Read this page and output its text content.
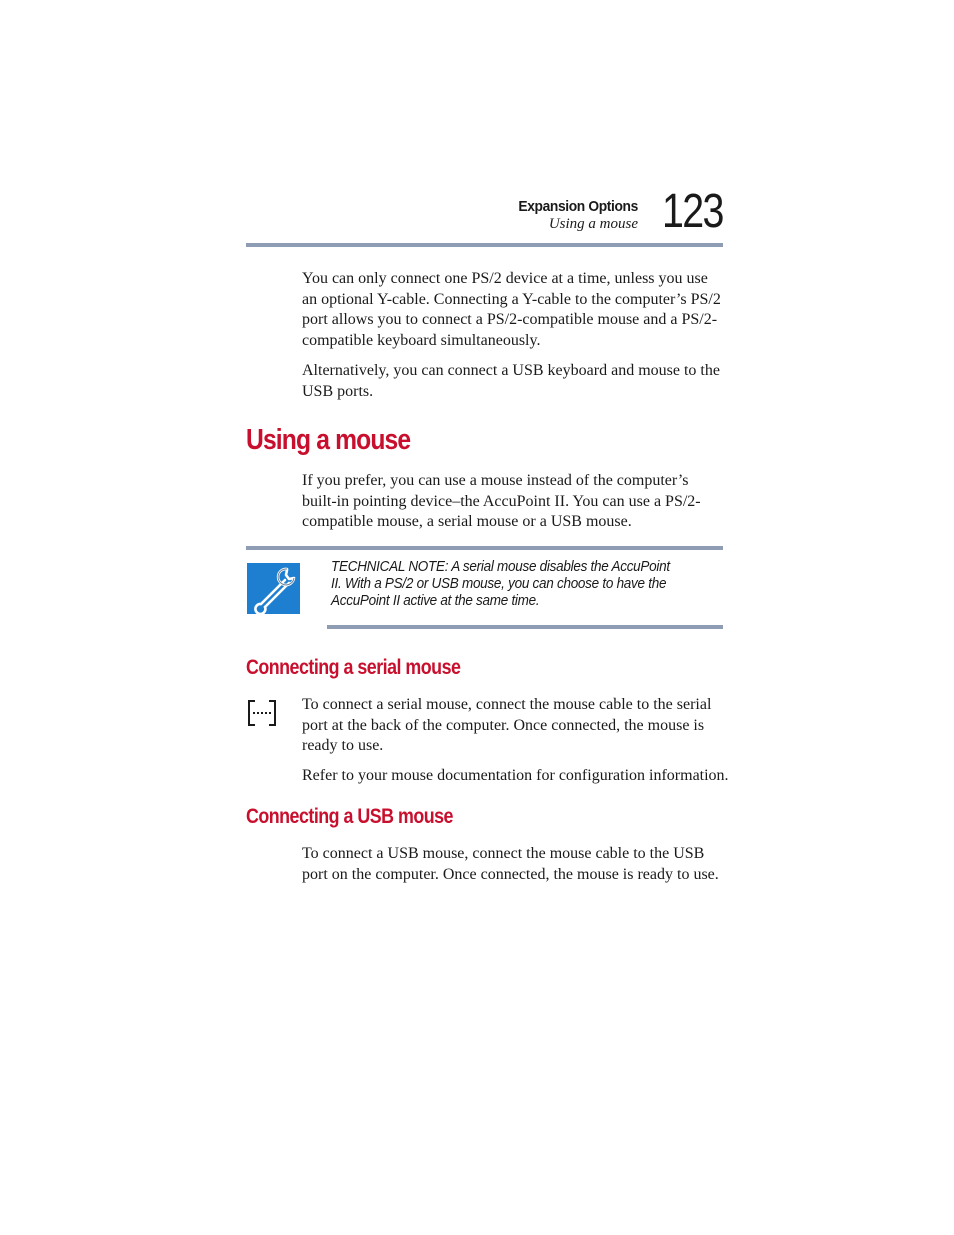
Expansion Options
Using a mouse 123
You can only connect one PS/2 device at a time, unless you use an optional Y-cable. Connecting a Y-cable to the computer’s PS/2 port allows you to connect a PS/2-compatible mouse and a PS/2-compatible keyboard simultaneously.
Alternatively, you can connect a USB keyboard and mouse to the USB ports.
Using a mouse
If you prefer, you can use a mouse instead of the computer’s built-in pointing device–the AccuPoint II. You can use a PS/2-compatible mouse, a serial mouse or a USB mouse.
TECHNICAL NOTE: A serial mouse disables the AccuPoint II. With a PS/2 or USB mouse, you can choose to have the AccuPoint II active at the same time.
Connecting a serial mouse
To connect a serial mouse, connect the mouse cable to the serial port at the back of the computer. Once connected, the mouse is ready to use.
Refer to your mouse documentation for configuration information.
Connecting a USB mouse
To connect a USB mouse, connect the mouse cable to the USB port on the computer. Once connected, the mouse is ready to use.
